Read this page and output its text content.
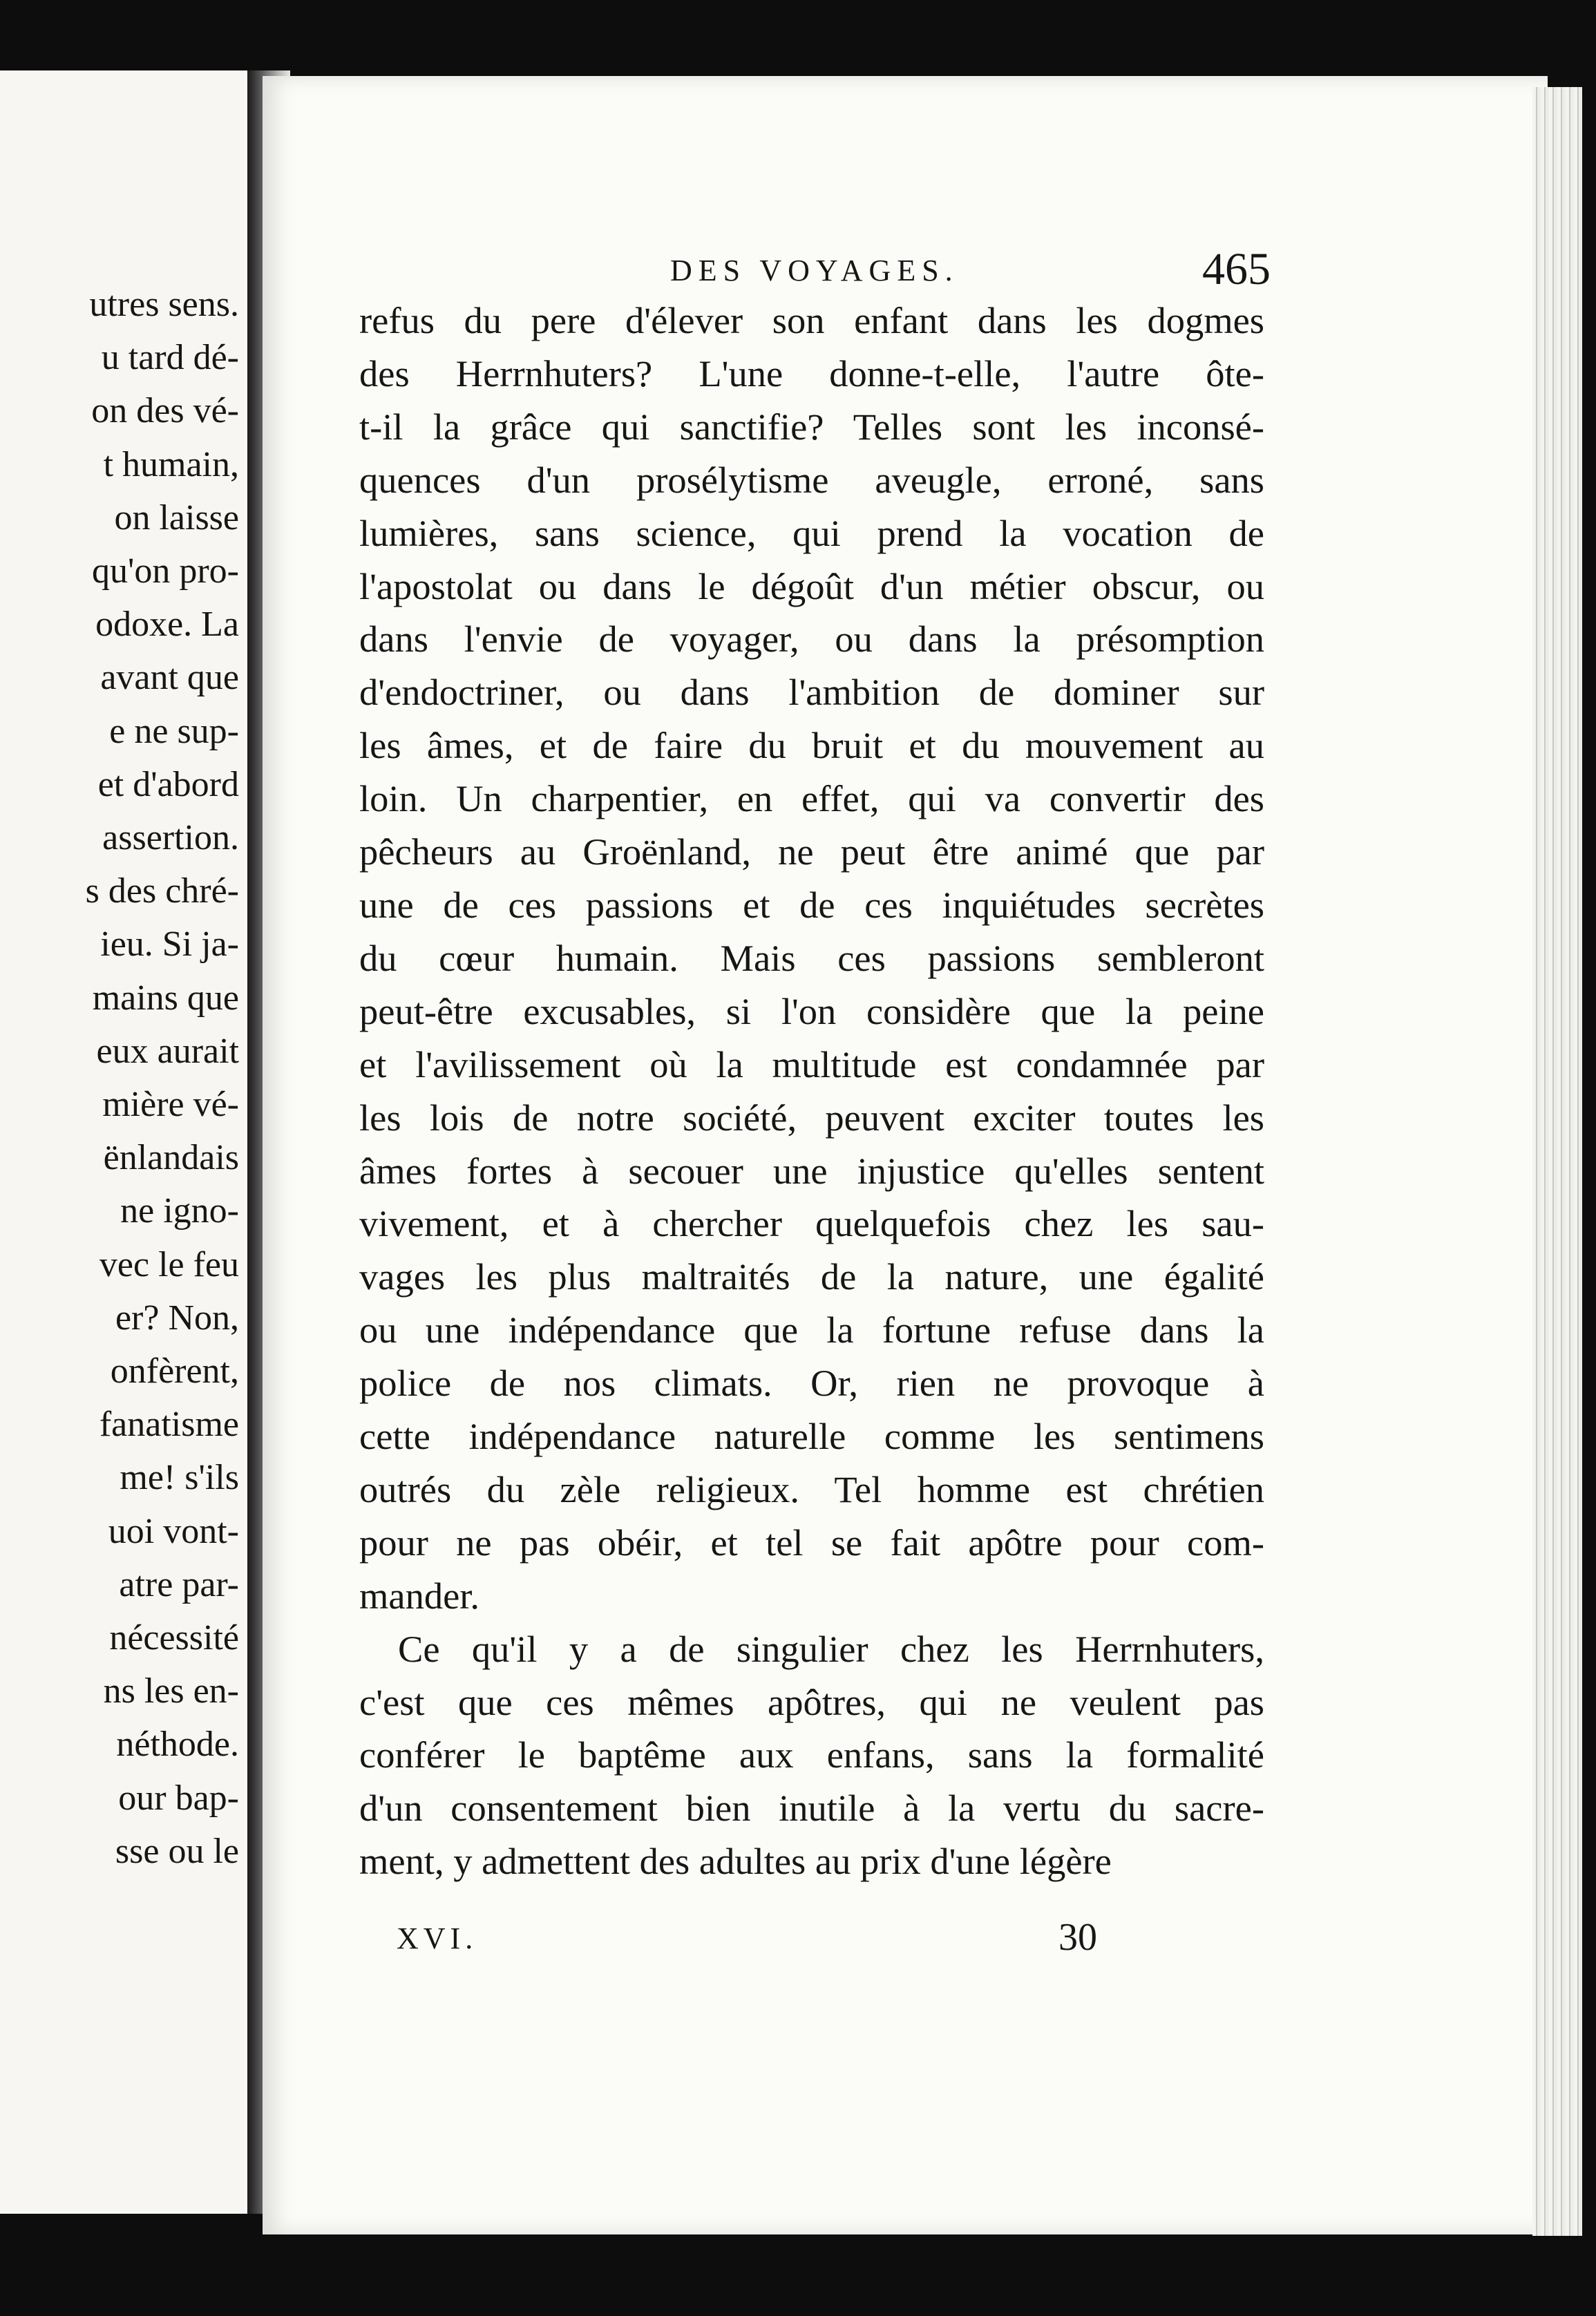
utres sens.
u tard dé-
on des vé-
t humain,
on laisse
qu'on pro-
odoxe. La
avant que
e ne sup-
et d'abord
assertion.
s des chré-
ieu. Si ja-
mains que
eux aurait
mière vé-
ënlandais
ne igno-
vec le feu
er? Non,
onfèrent,
fanatisme
me! s'ils
uoi vont-
atre par-
nécessité
ns les en-
néthode.
our bap-
sse ou le
DES VOYAGES.	465
refus du pere d'élever son enfant dans les dogmes
des Herrnhuters? L'une donne-t-elle, l'autre ôte-
t-il la grâce qui sanctifie? Telles sont les inconsé-
quences d'un prosélytisme aveugle, erroné, sans
lumières, sans science, qui prend la vocation de
l'apostolat ou dans le dégoût d'un métier obscur, ou
dans l'envie de voyager, ou dans la présomption
d'endoctriner, ou dans l'ambition de dominer sur
les âmes, et de faire du bruit et du mouvement au
loin. Un charpentier, en effet, qui va convertir des
pêcheurs au Groënland, ne peut être animé que par
une de ces passions et de ces inquiétudes secrètes
du cœur humain. Mais ces passions sembleront
peut-être excusables, si l'on considère que la peine
et l'avilissement où la multitude est condamnée par
les lois de notre société, peuvent exciter toutes les
âmes fortes à secouer une injustice qu'elles sentent
vivement, et à chercher quelquefois chez les sau-
vages les plus maltraités de la nature, une égalité
ou une indépendance que la fortune refuse dans la
police de nos climats. Or, rien ne provoque à
cette indépendance naturelle comme les sentimens
outrés du zèle religieux. Tel homme est chrétien
pour ne pas obéir, et tel se fait apôtre pour com-
mander.
Ce qu'il y a de singulier chez les Herrnhuters,
c'est que ces mêmes apôtres, qui ne veulent pas
conférer le baptême aux enfans, sans la formalité
d'un consentement bien inutile à la vertu du sacre-
ment, y admettent des adultes au prix d'une légère
XVI.	30
